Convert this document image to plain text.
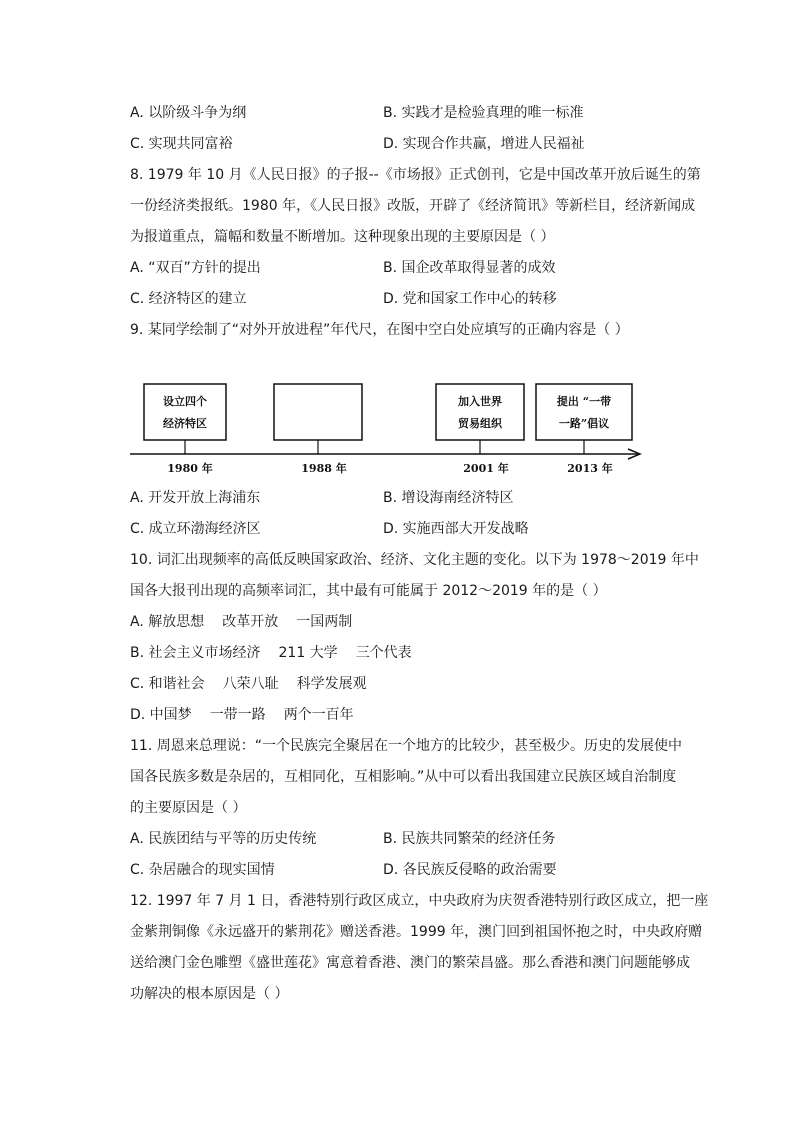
A. 以阶级斗争为纲	B. 实践才是检验真理的唯一标准
C. 实现共同富裕	D. 实现合作共赢，增进人民福祉
8. 1979 年 10 月《人民日报》的子报--《市场报》正式创刊，它是中国改革开放后诞生的第
一份经济类报纸。1980 年，《人民日报》改版，开辟了《经济简讯》等新栏目，经济新闻成
为报道重点，篇幅和数量不断增加。这种现象出现的主要原因是（ ）
A. “双百”方针的提出	B. 国企改革取得显著的成效
C. 经济特区的建立	D. 党和国家工作中心的转移
9. 某同学绘制了“对外开放进程”年代尺，在图中空白处应填写的正确内容是（ ）
设立四个
经济特区
加入世界
贸易组织
提出 “一带
一路”倡议
1980 年	1988 年	2001 年	2013 年
A. 开发开放上海浦东	B. 增设海南经济特区
C. 成立环渤海经济区	D. 实施西部大开发战略
10. 词汇出现频率的高低反映国家政治、经济、文化主题的变化。以下为 1978～2019 年中
国各大报刊出现的高频率词汇，其中最有可能属于 2012～2019 年的是（ ）
A. 解放思想 改革开放 一国两制
B. 社会主义市场经济 211 大学 三个代表
C. 和谐社会 八荣八耻 科学发展观
D. 中国梦 一带一路 两个一百年
11. 周恩来总理说：“一个民族完全聚居在一个地方的比较少，甚至极少。历史的发展使中
国各民族多数是杂居的，互相同化，互相影响。”从中可以看出我国建立民族区域自治制度
的主要原因是（ ）
A. 民族团结与平等的历史传统	B. 民族共同繁荣的经济任务
C. 杂居融合的现实国情	D. 各民族反侵略的政治需要
12. 1997 年 7 月 1 日，香港特别行政区成立，中央政府为庆贺香港特别行政区成立，把一座
金紫荆铜像《永远盛开的紫荆花》赠送香港。1999 年，澳门回到祖国怀抱之时，中央政府赠
送给澳门金色雕塑《盛世莲花》寓意着香港、澳门的繁荣昌盛。那么香港和澳门问题能够成
功解决的根本原因是（ ）
